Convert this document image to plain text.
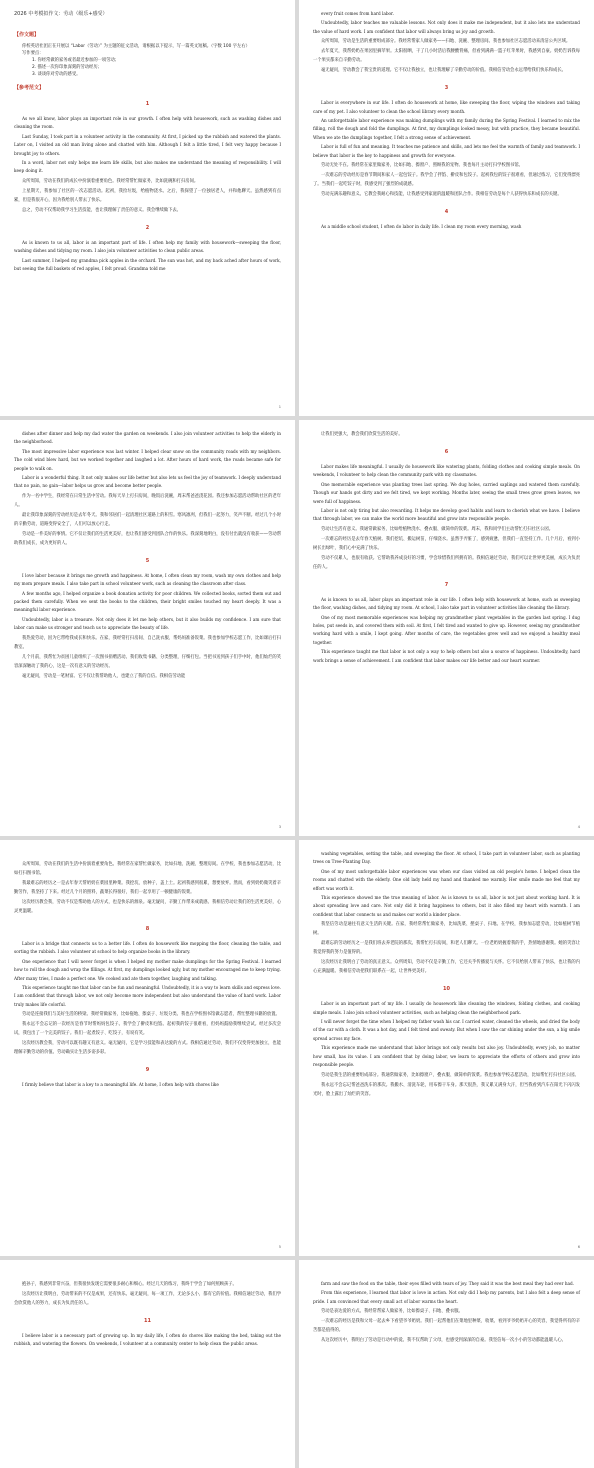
2026 中考模拟作文：劳动（级乐+感受）
【作文题】

你校英语社团正在开展以 “Labor（劳动）” 为主题的征文活动，请根据以下提示，写一篇英文短稿。（字数 100 字左右）

写作要点：

1. 你经常做的家务或者最近参加的一项劳动；

2. 描述一次你印象深刻的劳动经历；

3. 谈谈你对劳动的感受。

【参考范文】
1

As we all know, labor plays an important role in our growth. I often help with housework, such as washing dishes and cleaning the room.

Last Sunday, I took part in a volunteer activity in the community. At first, I picked up the rubbish and watered the plants. Later on, I visited an old man living alone and chatted with him. Although I felt a little tired, I felt very happy because I brought joy to others.

In a word, labor not only helps me learn life skills, but also makes me understand the meaning of responsibility. I will keep doing it.

众所周知，劳动在我们的成长中扮演着重要角色。我经常帮忙做家务，比如洗碗和打扫房间。

上星期天，我参加了社区的一次志愿活动。起初，我捡垃圾，给植物浇水。之后，我探望了一位独居老人，并和他聊天。虽然感到有点累，但是我很开心，因为我给别人带去了快乐。

总之，劳动不仅帮助我学习生活技能，也让我理解了责任的意义。我会继续做下去。

2

As is known to us all, labor is an important part of life. I often help my family with housework—sweeping the floor, washing dishes and tidying my room. I also join volunteer activities to clean public areas.

Last summer, I helped my grandma pick apples in the orchard. The sun was hot, and my back ached after hours of work, but seeing the full baskets of red apples, I felt proud. Grandma told me

1

every fruit comes from hard labor.

Undoubtedly, labor teaches me valuable lessons. Not only does it make me independent, but it also lets me understand the value of hard work. I am confident that labor will always bring us joy and growth.

众所周知，劳动是生活的重要组成部分。我经常帮家人做家务——扫地、洗碗、整理房间。我也参加社区志愿活动来清洁公共区域。

去年夏天，我帮奶奶在果园里摘苹果。太阳很晒，干了几小时活后我腰酸背痛，但看到满满一篮子红苹果时，我感到自豪。奶奶告诉我每一个果实都来自辛勤劳动。

毫无疑问，劳动教会了我宝贵的道理。它不仅让我独立，也让我理解了辛勤劳动的价值。我相信劳动会永远带给我们快乐和成长。

3

Labor is everywhere in our life. I often do housework at home, like sweeping the floor, wiping the windows and taking care of my pet. I also volunteer to clean the school library every month.

An unforgettable labor experience was making dumplings with my family during the Spring Festival. I learned to mix the filling, roll the dough and fold the dumplings. At first, my dumplings looked messy, but with practice, they became beautiful. When we ate the dumplings together, I felt a strong sense of achievement.

Labor is full of fun and meaning. It teaches me patience and skills, and lets me feel the warmth of family and teamwork. I believe that labor is the key to happiness and growth for everyone.

劳动无处不在。我经常在家里做家务，比如扫地、擦窗户、照顾我的宠物。我也每月主动打扫学校图书馆。

一次难忘的劳动经历是春节期间和家人一起包饺子。我学会了拌馅、擀皮和包饺子。起初我包的饺子很难看，但通过练习，它们变得漂亮了。当我们一起吃饺子时，我感受到了强烈的成就感。

劳动充满乐趣和意义。它教会我耐心和技能，让我感受到家庭的温暖和团队合作。我相信劳动是每个人获得快乐和成长的关键。

4

As a middle school student, I often do labor in daily life. I clean my room every morning, wash

dishes after dinner and help my dad water the garden on weekends. I also join volunteer activities to help the elderly in the neighborhood.

The most impressive labor experience was last winter. I helped clear snow on the community roads with my neighbors. The cold wind blew hard, but we worked together and laughed a lot. After hours of hard work, the roads became safe for people to walk on.

Labor is a wonderful thing. It not only makes our life better but also lets us feel the joy of teamwork. I deeply understand that no pain, no gain—labor helps us grow and become better people.

作为一名中学生，我经常在日常生活中劳动。我每天早上打扫房间，晚饭后洗碗，周末帮爸爸浇花园。我还参加志愿活动帮助社区的老年人。

最让我印象深刻的劳动经历是去年冬天。我和邻居们一起清理社区道路上的积雪。寒风凛冽，但我们一起努力，笑声不断。经过几个小时的辛勤劳动，道路变得安全了，人们可以放心行走。

劳动是一件美好的事情。它不仅让我们的生活更美好，也让我们感受到团队合作的快乐。我深刻地明白，没有付出就没有收获——劳动帮助我们成长，成为更好的人。

5

I love labor because it brings me growth and happiness. At home, I often clean my room, wash my own clothes and help my mom prepare meals. I also take part in school volunteer work, such as cleaning the classroom after class.

A few months ago, I helped organize a book donation activity for poor children. We collected books, sorted them out and packed them carefully. When we sent the books to the children, their bright smiles touched my heart deeply. It was a meaningful labor experience.

Undoubtedly, labor is a treasure. Not only does it let me help others, but it also builds my confidence. I am sure that labor can make us stronger and teach us to appreciate the beauty of life.

我热爱劳动，因为它带给我成长和快乐。在家，我经常打扫房间、自己洗衣服、帮妈妈准备饭菜。我也参加学校志愿工作，比如课后打扫教室。

几个月前，我帮忙为贫困儿童组织了一次图书捐赠活动。我们收集书籍、分类整理，仔细打包。当把书送到孩子们手中时，他们灿烂的笑容深深触动了我的心，这是一次有意义的劳动经历。

毫无疑问，劳动是一笔财富。它不仅让我帮助他人，也建立了我的自信。我相信劳动能

3

让我们更强大，教会我们欣赏生活的美好。

6

Labor makes life meaningful. I usually do housework like watering plants, folding clothes and cooking simple meals. On weekends, I volunteer to help clean the community park with my classmates.

One memorable experience was planting trees last spring. We dug holes, carried saplings and watered them carefully. Though our hands got dirty and we felt tired, we kept working. Months later, seeing the small trees grow green leaves, we were full of happiness.

Labor is not only tiring but also rewarding. It helps me develop good habits and learn to cherish what we have. I believe that through labor, we can make the world more beautiful and grow into responsible people.

劳动让生活有意义。我通常做家务，比如给植物浇水、叠衣服、做简单的饭菜。周末，我和同学们主动帮忙打扫社区公园。

一次难忘的经历是去年春天植树。我们挖坑、搬运树苗，仔细浇水。虽然手弄脏了，感到疲惫，但我们一直坚持工作。几个月后，看到小树长出绿叶，我们心中充满了快乐。

劳动不仅累人，也很有收获。它帮助我养成良好的习惯，学会珍惜我们所拥有的。我相信通过劳动，我们可以让世界更美丽，成长为负责任的人。

7

As is known to us all, labor plays an important role in our life. I often help with housework at home, such as sweeping the floor, washing dishes, and tidying my room. At school, I also take part in volunteer activities like cleaning the library.

One of my most memorable experiences was helping my grandmother plant vegetables in the garden last spring. I dug holes, put seeds in, and covered them with soil. At first, I felt tired and wanted to give up. However, seeing my grandmother working hard with a smile, I kept going. After months of care, the vegetables grew well and we enjoyed a healthy meal together.

This experience taught me that labor is not only a way to help others but also a source of happiness. Undoubtedly, hard work brings a sense of achievement. I am confident that labor makes our life better and our heart warmer.

4

众所周知，劳动在我们的生活中扮演着重要角色。我经常在家帮忙做家务，比如扫地、洗碗、整理房间。在学校，我也参加志愿活动，比如打扫图书馆。

我最难忘的经历之一是去年春天帮奶奶在菜园里种菜。我挖坑、放种子，盖上土。起初我感到很累，想要放弃。然而，看到奶奶微笑着辛勤劳作，我坚持了下来。经过几个月的照料，蔬菜长得很好，我们一起享用了一顿健康的饭菜。

这次经历教会我，劳动不仅是帮助他人的方式，也是快乐的源泉。毫无疑问，辛勤工作带来成就感。我相信劳动让我们的生活更美好，心灵更温暖。

8

Labor is a bridge that connects us to a better life. I often do housework like mopping the floor, cleaning the table, and sorting the rubbish. I also volunteer at school to help organize books in the library.

One experience that I will never forget is when I helped my mother make dumplings for the Spring Festival. I learned how to roll the dough and wrap the fillings. At first, my dumplings looked ugly, but my mother encouraged me to keep trying. After many tries, I made a perfect one. We cooked and ate them together, laughing and talking.

This experience taught me that labor can be fun and meaningful. Undoubtedly, it is a way to learn skills and express love. I am confident that through labor, we not only become more independent but also understand the value of hard work. Labor truly makes life colorful.

劳动是连接我们与美好生活的桥梁。我经常做家务，比如拖地、擦桌子、垃圾分类。我也在学校图书馆做志愿者，帮忙整理书籍的放置。

我永远不会忘记的一次经历是春节时帮妈妈包饺子。我学会了擀皮和包馅。起初我的饺子很难看，但妈妈鼓励我继续尝试。经过多次尝试，我包出了一个完美的饺子。我们一起煮饺子、吃饺子，有说有笑。

这次经历教会我，劳动可以既有趣又有意义。毫无疑问，它是学习技能和表达爱的方式。我相信通过劳动，我们不仅变得更加独立，也能理解辛勤劳动的价值。劳动确实让生活多姿多彩。

9

I firmly believe that labor is a key to a meaningful life. At home, I often help with chores like

5

washing vegetables, setting the table, and sweeping the floor. At school, I take part in volunteer labor, such as planting trees on Tree-Planting Day.

One of my most unforgettable labor experiences was when our class visited an old people's home. I helped clean the rooms and chatted with the elderly. One old lady held my hand and thanked me warmly. Her smile made me feel that my effort was worth it.

This experience showed me the true meaning of labor. As is known to us all, labor is not just about working hard. It is about spreading love and care. Not only did it bring happiness to others, but it also filled my heart with warmth. I am confident that labor connects us and makes our world a kinder place.

我坚信劳动是通往有意义生活的关键。在家，我经常帮忙做家务，比如洗菜、摆桌子、扫地。在学校，我参加志愿劳动，比如植树节植树。

最难忘的劳动经历之一是我们班去养老院的那次。我帮忙打扫房间，和老人们聊天。一位老奶奶握着我的手，热情地感谢我。她的笑容让我觉得我的努力是值得的。

这次经历让我明白了劳动的真正意义。众所周知，劳动不仅是辛勤工作，它还关乎传播爱与关怀。它不仅给别人带来了快乐，也让我的内心充满温暖。我相信劳动把我们联系在一起，让世界更美好。

10

Labor is an important part of my life. I usually do housework like cleaning the windows, folding clothes, and cooking simple meals. I also join school volunteer activities, such as helping clean the neighborhood park.

I will never forget the time when I helped my father wash his car. I carried water, cleaned the wheels, and dried the body of the car with a cloth. It was a hot day, and I felt tired and sweaty. But when I saw the car shining under the sun, a big smile spread across my face.

This experience made me understand that labor brings not only results but also joy. Undoubtedly, every job, no matter how small, has its value. I am confident that by doing labor, we learn to appreciate the efforts of others and grow into responsible people.

劳动是我生活的重要组成部分。我通常做家务，比如擦窗户、叠衣服、做简单的饭菜。我也参加学校志愿活动，比如帮忙打扫社区公园。

我永远不会忘记帮爸爸洗车的那次。我搬水、清洗车轮，用布擦干车身。那天很热，我又累又满身大汗，但当我看到汽车在阳光下闪闪发光时，脸上露出了灿烂的笑容。

6

抱孙子，我感到非常兴奋，但我很快发现它需要很多耐心和细心。经过几天的练习，我终于学会了如何照顾孩子。

这次经历让我明白，劳动带来的不仅是成果，还有快乐。毫无疑问，每一项工作，无论多么小，都有它的价值。我相信通过劳动，我们学会欣赏他人的努力，成长为负责任的人。

11

I believe labor is a necessary part of growing up. In my daily life, I often do chores like making the bed, taking out the rubbish, and watering the flowers. On weekends, I volunteer at a community center to help clean the public areas.

farm and saw the food on the table, their eyes filled with tears of joy. They said it was the best meal they had ever had.

From this experience, I learned that labor is love in action. Not only did I help my parents, but I also felt a deep sense of pride. I am convinced that every small act of labor warms the heart.

劳动是表达爱的方式。我经常帮家人做家务，比如擦桌子、扫地、叠衣服。

一次难忘的经历是我和父母一起去乡下看望爷爷奶奶。我们一起帮他们在菜地里种菜、收菜。看到爷爷奶奶开心的笑容，我觉得所有的辛苦都是值得的。

从这次经历中，我明白了劳动是行动中的爱。我不仅帮助了父母，也感受到深深的自豪。我坚信每一次小小的劳动都能温暖人心。
